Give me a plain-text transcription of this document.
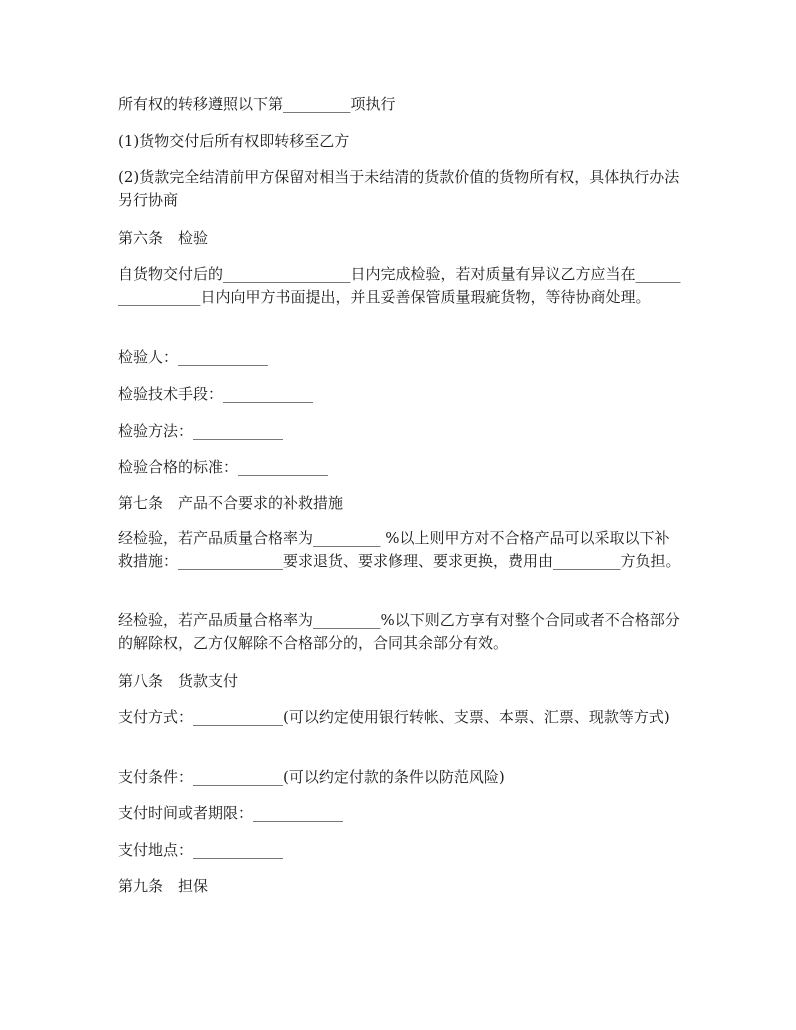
所有权的转移遵照以下第_________项执行

(1)货物交付后所有权即转移至乙方

(2)货款完全结清前甲方保留对相当于未结清的货款价值的货物所有权，具体执行办法另行协商

第六条　检验

自货物交付后的_________________日内完成检验，若对质量有异议乙方应当在_________________日内向甲方书面提出，并且妥善保管质量瑕疵货物，等待协商处理。

检验人：____________

检验技术手段：____________

检验方法：____________

检验合格的标准：____________

第七条　产品不合要求的补救措施

经检验，若产品质量合格率为_________ %以上则甲方对不合格产品可以采取以下补救措施：______________要求退货、要求修理、要求更换，费用由_________方负担。

经检验，若产品质量合格率为_________%以下则乙方享有对整个合同或者不合格部分的解除权，乙方仅解除不合格部分的，合同其余部分有效。

第八条　货款支付

支付方式：____________(可以约定使用银行转帐、支票、本票、汇票、现款等方式)

支付条件：____________(可以约定付款的条件以防范风险)

支付时间或者期限：____________

支付地点：____________

第九条　担保
